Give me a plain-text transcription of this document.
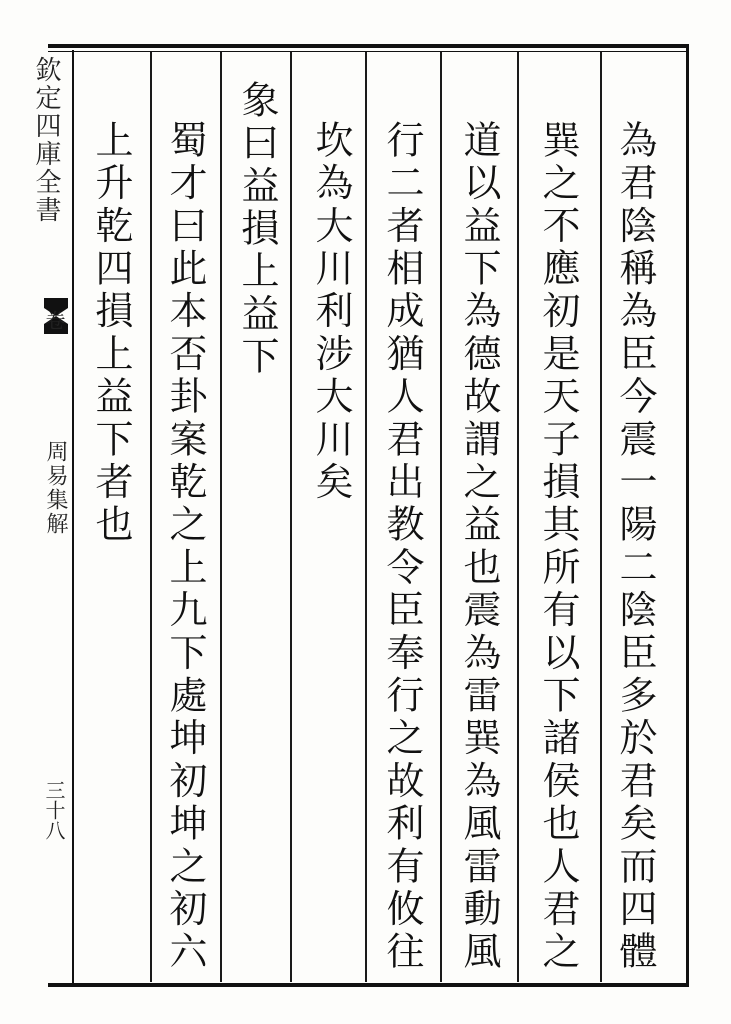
欽定四庫全書
卷
周易集解
三十八	為君陰稱為臣今震一陽二陰臣多於君矣而四體
巽之不應初是天子損其所有以下諸侯也人君之
道以益下為德故謂之益也震為雷巽為風雷動風
行二者相成猶人君出教令臣奉行之故利有攸往
坎為大川利涉大川矣
象曰益損上益下
蜀才曰此本否卦案乾之上九下處坤初坤之初六
上升乾四損上益下者也
